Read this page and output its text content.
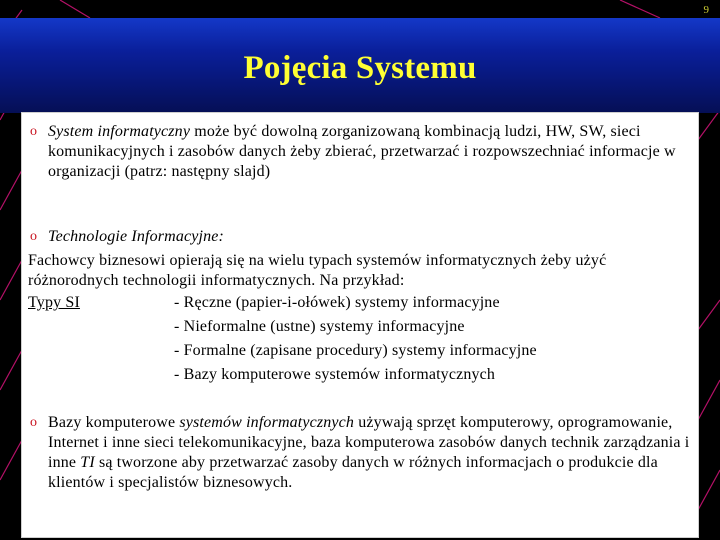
Pojęcia Systemu
9
o System informatyczny może być dowolną zorganizowaną kombinacją ludzi, HW, SW, sieci komunikacyjnych i zasobów danych żeby zbierać, przetwarzać i rozpowszechniać informacje w organizacji (patrz: następny slajd)
o Technologie Informacyjne:
Fachowcy biznesowi opierają się na wielu typach systemów informatycznych żeby użyć różnorodnych technologii informatycznych. Na przykład:
Typy SI	- Ręczne (papier-i-ołówek) systemy informacyjne
- Nieformalne (ustne) systemy informacyjne
- Formalne (zapisane procedury) systemy informacyjne
- Bazy komputerowe systemów informatycznych
o Bazy komputerowe systemów informatycznych używają sprzęt komputerowy, oprogramowanie, Internet i inne sieci telekomunikacyjne, baza komputerowa zasobów danych technik zarządzania i inne TI są tworzone aby przetwarzać zasoby danych w różnych informacjach o produkcie dla klientów i specjalistów biznesowych.
